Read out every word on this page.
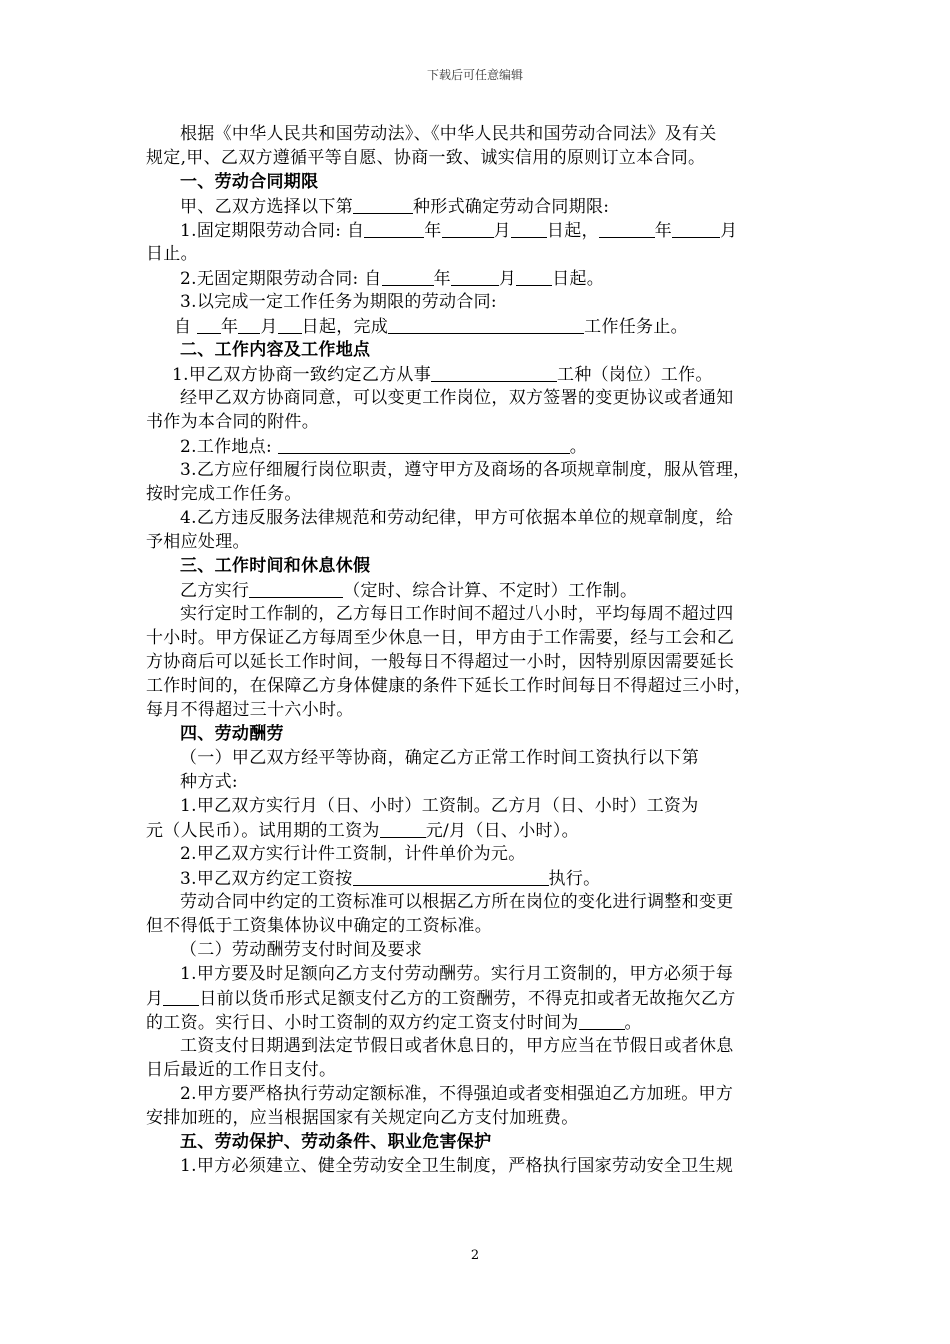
下载后可任意编辑
根据《中华人民共和国劳动法》、《中华人民共和国劳动合同法》及有关
规定,甲、乙双方遵循平等自愿、协商一致、诚实信用的原则订立本合同。
一、劳动合同期限
甲、乙双方选择以下第	种形式确定劳动合同期限:
1.固定期限劳动合同: 自	年	月 日起，	年	月
日止。
2.无固定期限劳动合同: 自	年	月 日起。
3.以完成一定工作任务为期限的劳动合同:
自 年 月 日起，完成	工作任务止。
二、工作内容及工作地点
1.甲乙双方协商一致约定乙方从事	工种（岗位）工作。
经甲乙双方协商同意，可以变更工作岗位，双方签署的变更协议或者通知
书作为本合同的附件。
2.工作地点:	。
3.乙方应仔细履行岗位职责，遵守甲方及商场的各项规章制度，服从管理，
按时完成工作任务。
4.乙方违反服务法律规范和劳动纪律，甲方可依据本单位的规章制度，给
予相应处理。
三、工作时间和休息休假
乙方实行	（定时、综合计算、不定时）工作制。
实行定时工作制的，乙方每日工作时间不超过八小时，平均每周不超过四
十小时。甲方保证乙方每周至少休息一日，甲方由于工作需要，经与工会和乙
方协商后可以延长工作时间，一般每日不得超过一小时，因特别原因需要延长
工作时间的，在保障乙方身体健康的条件下延长工作时间每日不得超过三小时，
每月不得超过三十六小时。
四、劳动酬劳
（一）甲乙双方经平等协商，确定乙方正常工作时间工资执行以下第
种方式:
1.甲乙双方实行月（日、小时）工资制。乙方月（日、小时）工资为
元（人民币）。试用期的工资为	元/月（日、小时）。
2.甲乙双方实行计件工资制，计件单价为元。
3.甲乙双方约定工资按	执行。
劳动合同中约定的工资标准可以根据乙方所在岗位的变化进行调整和变更
但不得低于工资集体协议中确定的工资标准。
（二）劳动酬劳支付时间及要求
1.甲方要及时足额向乙方支付劳动酬劳。实行月工资制的，甲方必须于每
月 日前以货币形式足额支付乙方的工资酬劳，不得克扣或者无故拖欠乙方
的工资。实行日、小时工资制的双方约定工资支付时间为	。
工资支付日期遇到法定节假日或者休息日的，甲方应当在节假日或者休息
日后最近的工作日支付。
2.甲方要严格执行劳动定额标准，不得强迫或者变相强迫乙方加班。甲方
安排加班的，应当根据国家有关规定向乙方支付加班费。
五、劳动保护、劳动条件、职业危害保护
1.甲方必须建立、健全劳动安全卫生制度，严格执行国家劳动安全卫生规
2
